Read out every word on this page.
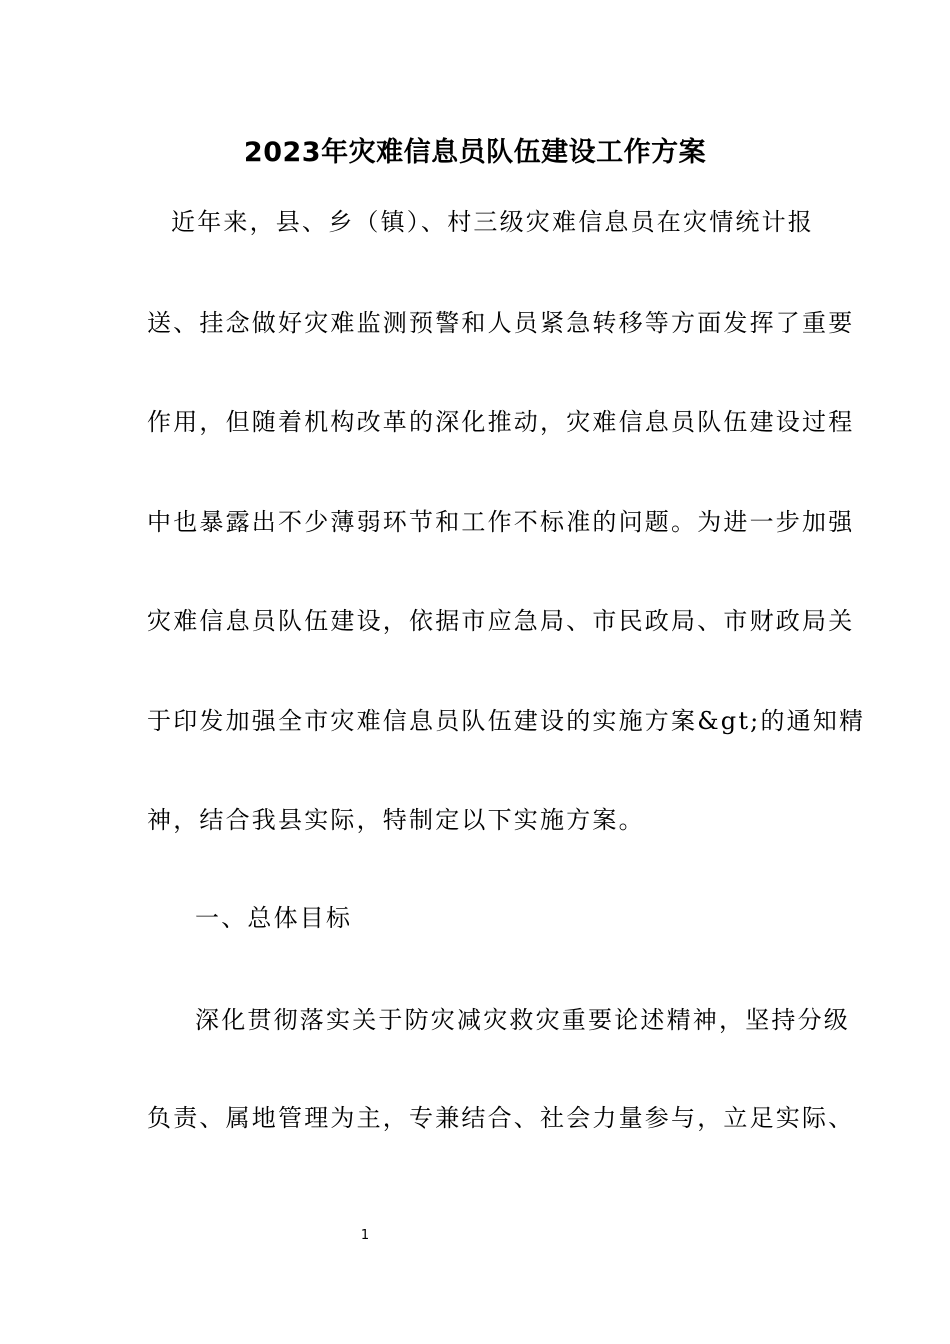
2023年灾难信息员队伍建设工作方案
近年来，县、乡（镇）、村三级灾难信息员在灾情统计报
送、挂念做好灾难监测预警和人员紧急转移等方面发挥了重要
作用，但随着机构改革的深化推动，灾难信息员队伍建设过程
中也暴露出不少薄弱环节和工作不标准的问题。为进一步加强
灾难信息员队伍建设，依据市应急局、市民政局、市财政局关
于印发加强全市灾难信息员队伍建设的实施方案&gt;的通知精
神，结合我县实际，特制定以下实施方案。
一、总体目标
深化贯彻落实关于防灾减灾救灾重要论述精神，坚持分级
负责、属地管理为主，专兼结合、社会力量参与，立足实际、
1
